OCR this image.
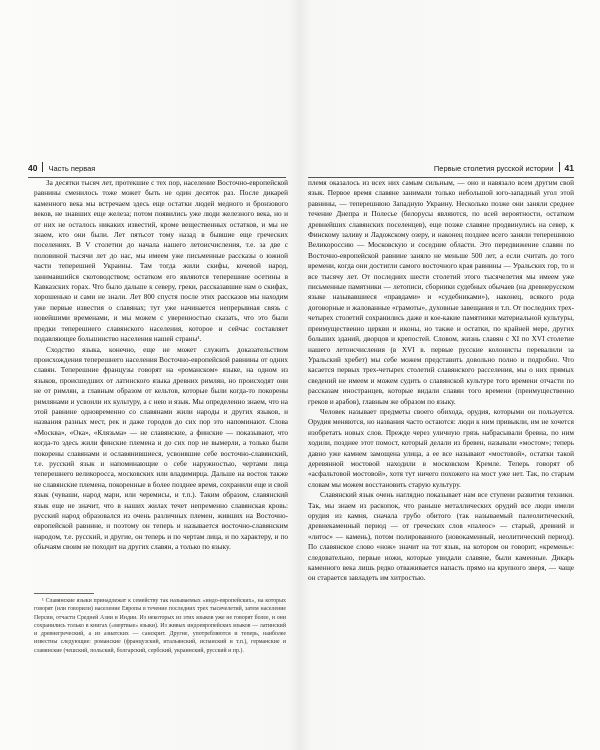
40 Часть первая

За десятки тысяч лет, протекшие с тех пор, население Восточно-европейской равнины сменилось тоже может быть не один десяток раз. После дикарей каменного века мы встречаем здесь еще остатки людей медного и бронзового веков, не знавших еще железа; потом появились уже люди железного века, но и от них не осталось никаких известий, кроме вещественных остатков, и мы не знаем, кто они были. Лет пятьсот тому назад в бывшие еще греческих поселениях. В V столетии до начала нашего летоисчисления, т.е. за две с половиной тысячи лет до нас, мы имеем уже письменные рассказы о южной части теперешней Украины. Там тогда жили скифы, кочевой народ, занимавшийся скотоводством; остатком его являются теперешние осетины в Кавказских горах. Что было дальше к северу, греки, рассказавшие нам о скифах, хорошенько и сами не знали. Лет 800 спустя после этих рассказов мы находим уже первые известия о славянах; тут уже начинается непрерывная связь с новейшими временами, и мы можем с уверенностью сказать, что это были предки теперешнего славянского населения, которое и сейчас составляет подавляющее большинство населения нашей страны¹.

Сходство языка, конечно, еще не может служить доказательством происхождения теперешнего населения Восточно-европейской равнины от одних славян. Теперешние французы говорят на «романском» языке, на одном из языков, происшедших от латинского языка древних римлян, но происходят они не от римлян, а главным образом от кельтов, которые были когда-то покорены римлянами и усвоили их культуру, а с нею и язык. Мы определенно знаем, что на этой равнине одновременно со славянами жили народы и других языков, и названия разных мест, рек и даже городов до сих пор это напоминают. Слова «Москва», «Ока», «Клязьма» — не славянские, а финские — показывают, что когда-то здесь жили финские племена и до сих пор не вымерли, а только были покорены славянами и ославянившиеся, усвоившие себе восточно-славянский, т.е. русский язык и напоминающие о себе наружностью, чертами лица теперешнего великоросса, московских или владимирца. Дальше на восток также не славянские племена, покоренные в более позднее время, сохранили еще и свой язык (чуваши, народ мари, или черемисы, и т.п.). Таким образом, славянский язык еще не значит, что в наших жилах течет непременно славянская кровь: русский народ образовался из очень различных племен, живших на Восточно-европейской равнине, и поэтому он теперь и называется восточно-славянским народом, т.е. русский, и другие, он теперь и по чертам лица, и по характеру, и по обычаям своим не походит на других славян, а только по языку.

¹ Славянские языки принадлежат к семейству так называемых «индо-европейских», на которых говорят (или говорили) население Европы в течение последних трех тысячелетий, затем население Персии, отчасти Средней Азии и Индии. Из некоторых из этих языков уже не говорят более, и они сохранились только в книгах («мертвые» языки). Из живых индоевропейских языков — латинский и древнегреческий, а из азиатских — санскрит. Другие, употребляются и теперь, наиболее известны следующие: романские (французский, итальянский, испанский и т.п.), германские и славянские (чешский, польский, болгарский, сербский, украинский, русский и пр.).

Первые столетия русской истории 41

племя оказалось из всех них самым сильным, — оно и навязало всем другим свой язык. Первое время славяне занимали только небольшой юго-западный угол этой равнины, — теперешнюю Западную Украину. Несколько позже они заняли среднее течение Днепра и Полесье (белорусы являются, по всей вероятности, остатком древнейших славянских поселенцев), еще позже славяне продвинулись на север, к Финскому заливу и Ладожскому озеру, и наконец позднее всего заняли теперешнюю Великороссию — Московскую и соседние области. Это передвижение славян по Восточно-европейской равнине заняло не меньше 500 лет, а если считать до того времени, когда они достигли самого восточного края равнины — Уральских гор, то и все тысячу лет. От последних шести столетий этого тысячелетия мы имеем уже письменные памятники — летописи, сборники судебных обычаев (на древнерусском языке называвшиеся «правдами» и «судебниками»), наконец, всякого рода договорные и жалованные «грамоты», духовные завещания и т.п. От последних трех-четырех столетий сохранились даже и кое-какие памятники материальной культуры, преимущественно церкви и иконы, но также и остатки, по крайней мере, других больших зданий, дворцов и крепостей. Словом, жизнь славян с XI по XVI столетие нашего летоисчисления (в XVI в. первые русские колонисты перевалили за Уральский хребет) мы себе можем представить довольно полно и подробно. Что касается первых трех-четырех столетий славянского расселения, мы о них прямых сведений не имеем и можем судить о славянской культуре того времени отчасти по рассказам иностранцев, которые видали славян того времени (преимущественно греков и арабов), главным же образом по языку.

Человек называет предметы своего обихода, орудия, которыми он пользуется. Орудия меняются, но названия часто остаются: люди к ним привыкли, им не хочется изобретать новых слов. Прежде через уличную грязь набрасывали бревна, по ним ходили, позднее этот помост, который делали из бревен, называли «мостом»; теперь давно уже камнем замощена улица, а ее все называют «мостовой», остатки такой деревянной мостовой находили в московском Кремле. Теперь говорят об «асфальтовой мостовой», хотя тут ничего похожего на мост уже нет. Так, по старым словам мы можем восстановить старую культуру.

Славянский язык очень наглядно показывает нам все ступени развития техники. Так, мы знаем из раскопок, что раньше металлических орудий все люди имели орудия из камня, сначала грубо обитого (так называемый палеолитический, древнекаменный период — от греческих слов «палеос» — старый, древний и «литос» — камень), потом полированного (новокаменный, неолитический период). По славянское слово «нож» значит на тот язык, на котором он говорит, «кремень»: следовательно, первые ножи, которые увидали славяне, были каменные. Дикарь каменного века лишь редко отваживается напасть прямо на крупного зверя, — чаще он старается завладеть им хитростью.
